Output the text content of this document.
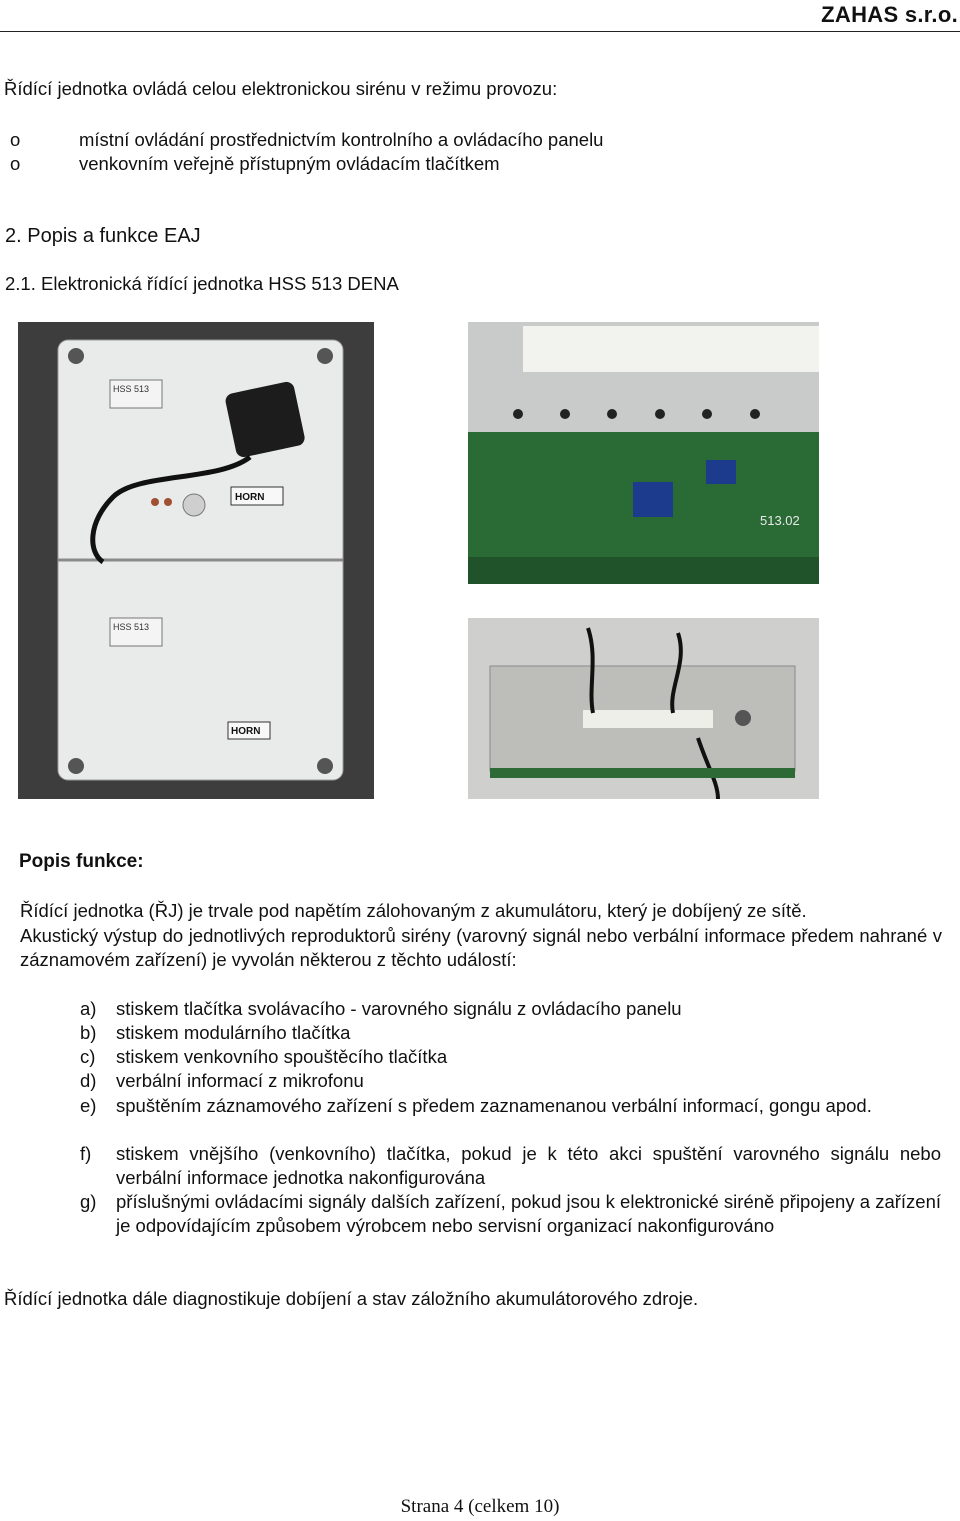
ZAHAS s.r.o.
Řídící jednotka ovládá celou elektronickou sirénu v režimu provozu:
o	místní ovládání prostřednictvím kontrolního a ovládacího panelu
o	venkovním veřejně přístupným ovládacím tlačítkem
2. Popis a funkce EAJ
2.1. Elektronická řídící jednotka HSS 513 DENA
HSS 513
HSS 513
HORN
HORN
513.02
Popis funkce:
Řídící jednotka (ŘJ) je trvale pod napětím zálohovaným z akumulátoru, který je dobíjený ze sítě.
Akustický výstup do jednotlivých reproduktorů sirény (varovný signál nebo verbální informace předem nahrané v záznamovém zařízení) je vyvolán některou z těchto událostí:
a) stiskem tlačítka svolávacího - varovného signálu z ovládacího panelu
b) stiskem modulárního tlačítka
c) stiskem venkovního spouštěcího tlačítka
d) verbální informací z mikrofonu
e) spuštěním záznamového zařízení s předem zaznamenanou verbální informací, gongu apod.
f) stiskem vnějšího (venkovního) tlačítka, pokud je k této akci spuštění varovného signálu nebo verbální informace jednotka nakonfigurována
g) příslušnými ovládacími signály dalších zařízení, pokud jsou k elektronické siréně připojeny a zařízení je odpovídajícím způsobem výrobcem nebo servisní organizací nakonfigurováno
Řídící jednotka dále diagnostikuje dobíjení a stav záložního akumulátorového zdroje.
Strana 4 (celkem 10)
